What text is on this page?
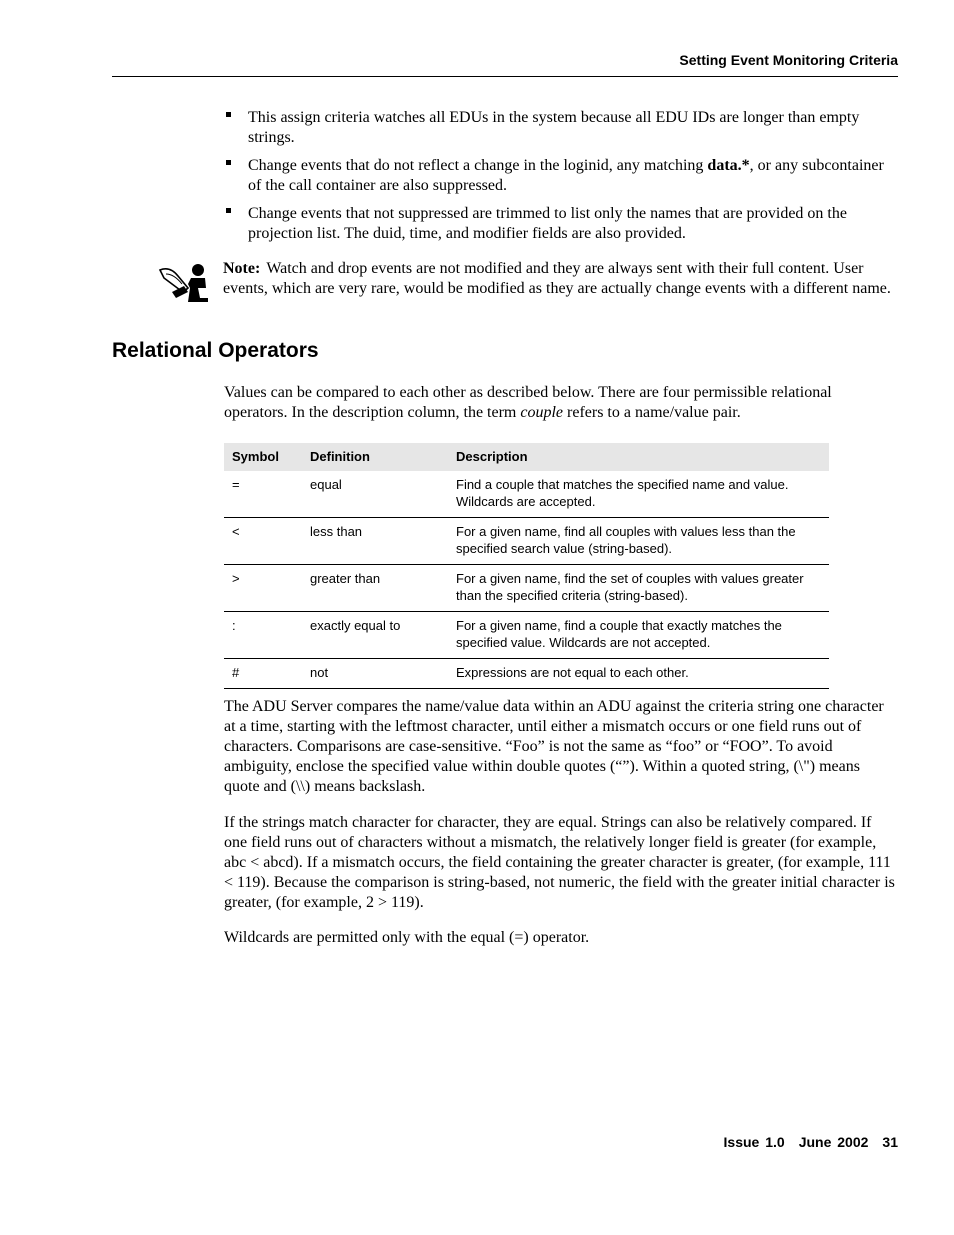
Setting Event Monitoring Criteria
This assign criteria watches all EDUs in the system because all EDU IDs are longer than empty strings.
Change events that do not reflect a change in the loginid, any matching data.*, or any subcontainer of the call container are also suppressed.
Change events that not suppressed are trimmed to list only the names that are provided on the projection list. The duid, time, and modifier fields are also provided.
Note: Watch and drop events are not modified and they are always sent with their full content. User events, which are very rare, would be modified as they are actually change events with a different name.
Relational Operators

Values can be compared to each other as described below. There are four permissible relational operators. In the description column, the term couple refers to a name/value pair.

Symbol	Definition	Description
=	equal	Find a couple that matches the specified name and value. Wildcards are accepted.
<	less than	For a given name, find all couples with values less than the specified search value (string-based).
>	greater than	For a given name, find the set of couples with values greater than the specified criteria (string-based).
:	exactly equal to	For a given name, find a couple that exactly matches the specified value. Wildcards are not accepted.
#	not	Expressions are not equal to each other.

The ADU Server compares the name/value data within an ADU against the criteria string one character at a time, starting with the leftmost character, until either a mismatch occurs or one field runs out of characters. Comparisons are case-sensitive. “Foo” is not the same as “foo” or “FOO”. To avoid ambiguity, enclose the specified value within double quotes (“”). Within a quoted string, (\") means quote and (\\) means backslash.

If the strings match character for character, they are equal. Strings can also be relatively compared. If one field runs out of characters without a mismatch, the relatively longer field is greater (for example, abc < abcd). If a mismatch occurs, the field containing the greater character is greater, (for example, 111 < 119). Because the comparison is string-based, not numeric, the field with the greater initial character is greater, (for example, 2 > 119).

Wildcards are permitted only with the equal (=) operator.

Issue 1.0 June 2002 31
